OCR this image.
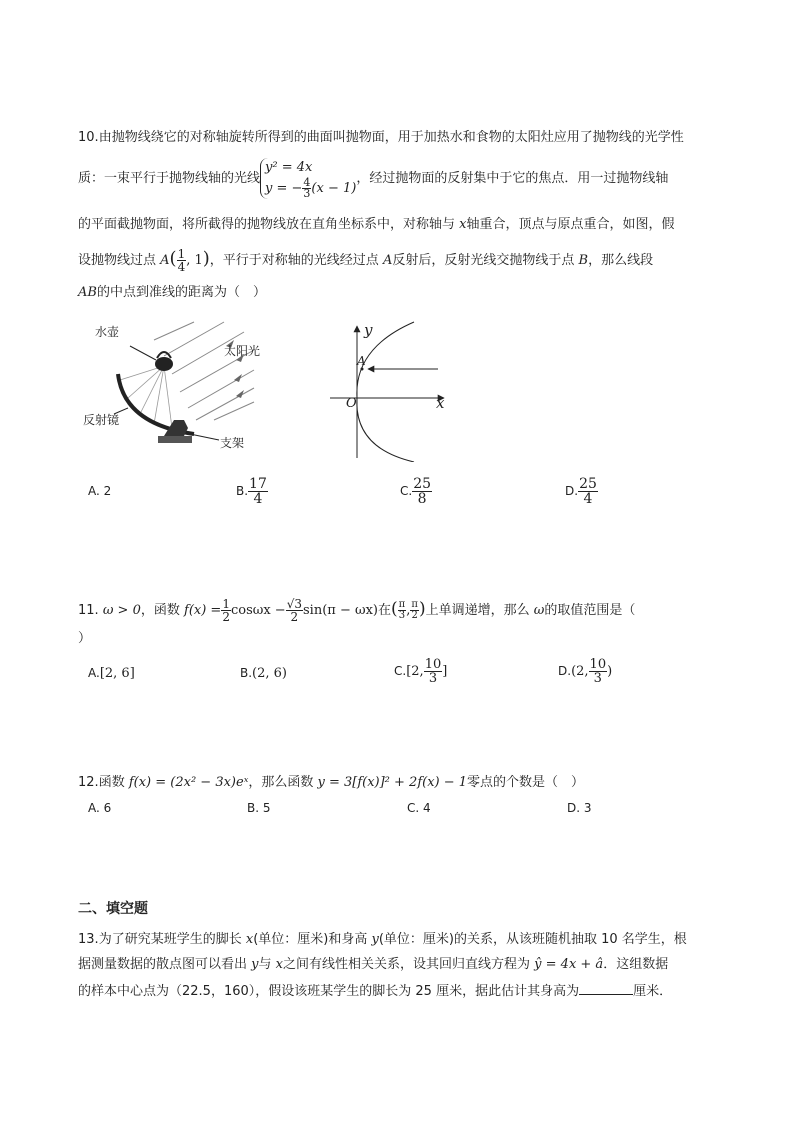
10.由抛物线绕它的对称轴旋转所得到的曲面叫抛物面，用于加热水和食物的太阳灶应用了抛物线的光学性
质：一束平行于抛物线轴的光线
y² = 4x
y = − $\frac{4}{3} (x - 1)$
，经过抛物面的反射集中于它的焦点．用一过抛物线轴
的平面截抛物面，将所截得的抛物线放在直角坐标系中，对称轴与 x轴重合，顶点与原点重合，如图，假
设抛物线过点 $A( \frac{1}{4}$ , 1)，平行于对称轴的光线经过点 A反射后，反射光线交抛物线于点 B，那么线段
AB的中点到准线的距离为（　）
水壶
太阳光
反射镜
支架
y
x
O
A
A. 2	B. $\frac{17}{4}$	C. $\frac{25}{8}$	D. $\frac{25}{4}$
11. ω > 0，函数 $f(x) = \frac{1}{2}$ $\cos\omega x - \frac{√3}{2} \sin(\pi - \omega x)$在( $\frac{\pi}{3}$ , $\frac{\pi}{2}$ )上单调递增，那么 ω的取值范围是（
）
A.[2, 6]	B.(2, 6)	C.[2, $\frac{10}{3}$ ]	D.(2, $\frac{10}{3}$ )
12.函数 f(x) = (2x² − 3x)eˣ，那么函数 y = 3[f(x)]² + 2f(x) − 1零点的个数是（　）
A. 6	B. 5	C. 4	D. 3
二、填空题
13.为了研究某班学生的脚长 x(单位：厘米)和身高 y(单位：厘米)的关系，从该班随机抽取 10 名学生，根
据测量数据的散点图可以看出 y与 x之间有线性相关关系，设其回归直线方程为 ŷ = 4x + â．这组数据
的样本中心点为（22.5，160），假设该班某学生的脚长为 25 厘米，据此估计其身高为	厘米．
